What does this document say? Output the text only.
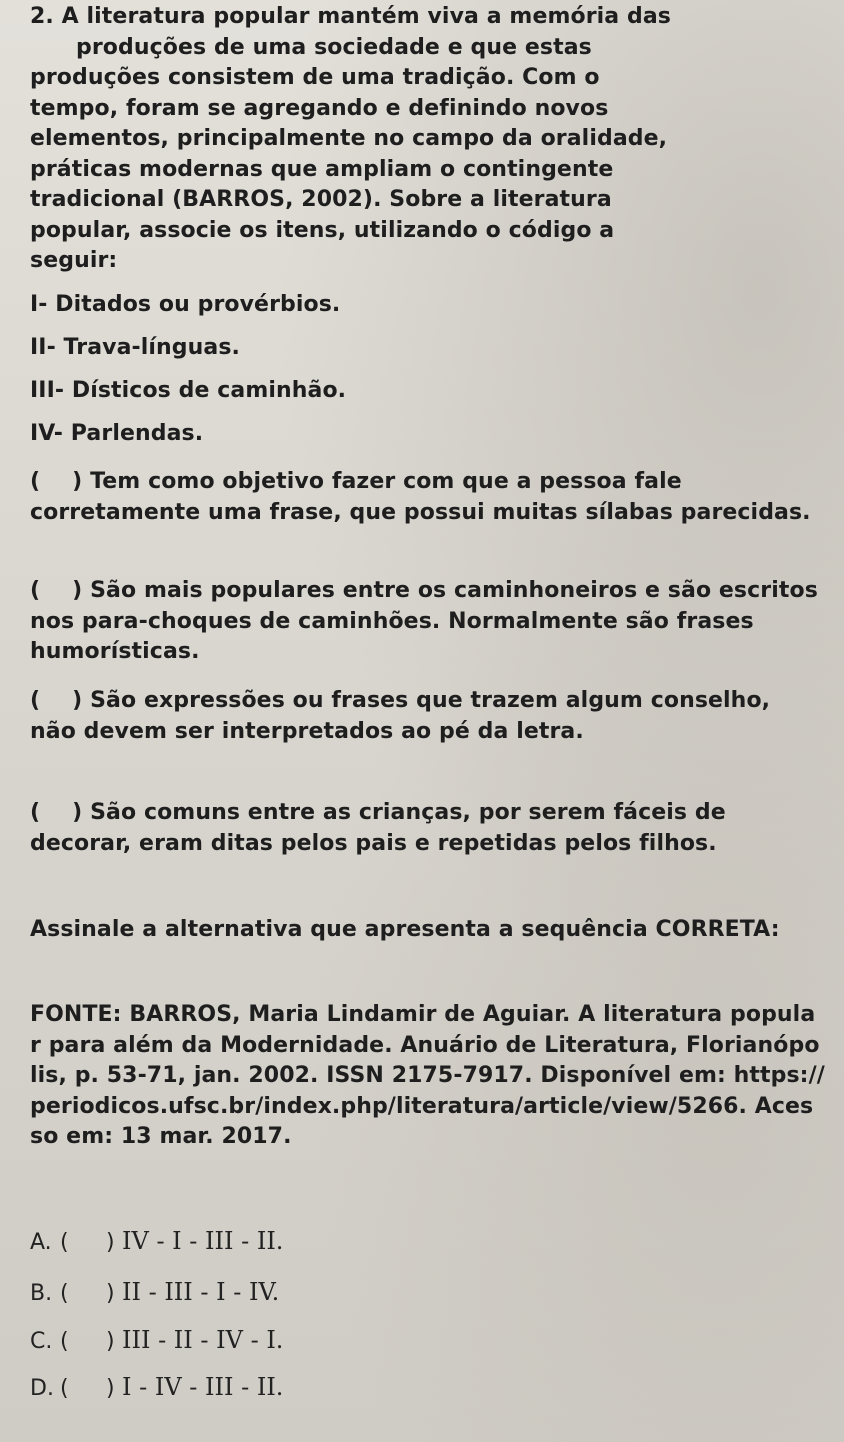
2. A literatura popular mantém viva a memória das
produções de uma sociedade e que estas
produções consistem de uma tradição. Com o
tempo, foram se agregando e definindo novos
elementos, principalmente no campo da oralidade,
práticas modernas que ampliam o contingente
tradicional (BARROS, 2002). Sobre a literatura
popular, associe os itens, utilizando o código a
seguir:
I- Ditados ou provérbios.
II- Trava-línguas.
III- Dísticos de caminhão.
IV- Parlendas.
( ) Tem como objetivo fazer com que a pessoa fale corretamente uma frase, que possui muitas sílabas parecidas.
( ) São mais populares entre os caminhoneiros e são escritos nos para-choques de caminhões. Normalmente são frases humorísticas.
( ) São expressões ou frases que trazem algum conselho, não devem ser interpretados ao pé da letra.
( ) São comuns entre as crianças, por serem fáceis de decorar, eram ditas pelos pais e repetidas pelos filhos.
Assinale a alternativa que apresenta a sequência CORRETA:
FONTE: BARROS, Maria Lindamir de Aguiar. A literatura popular para além da Modernidade. Anuário de Literatura, Florianópolis, p. 53-71, jan. 2002. ISSN 2175-7917. Disponível em: https://periodicos.ufsc.br/index.php/literatura/article/view/5266. Acesso em: 13 mar. 2017.
A. ( ) IV - I - III - II.
B. ( ) II - III - I - IV.
C. ( ) III - II - IV - I.
D. ( ) I - IV - III - II.
